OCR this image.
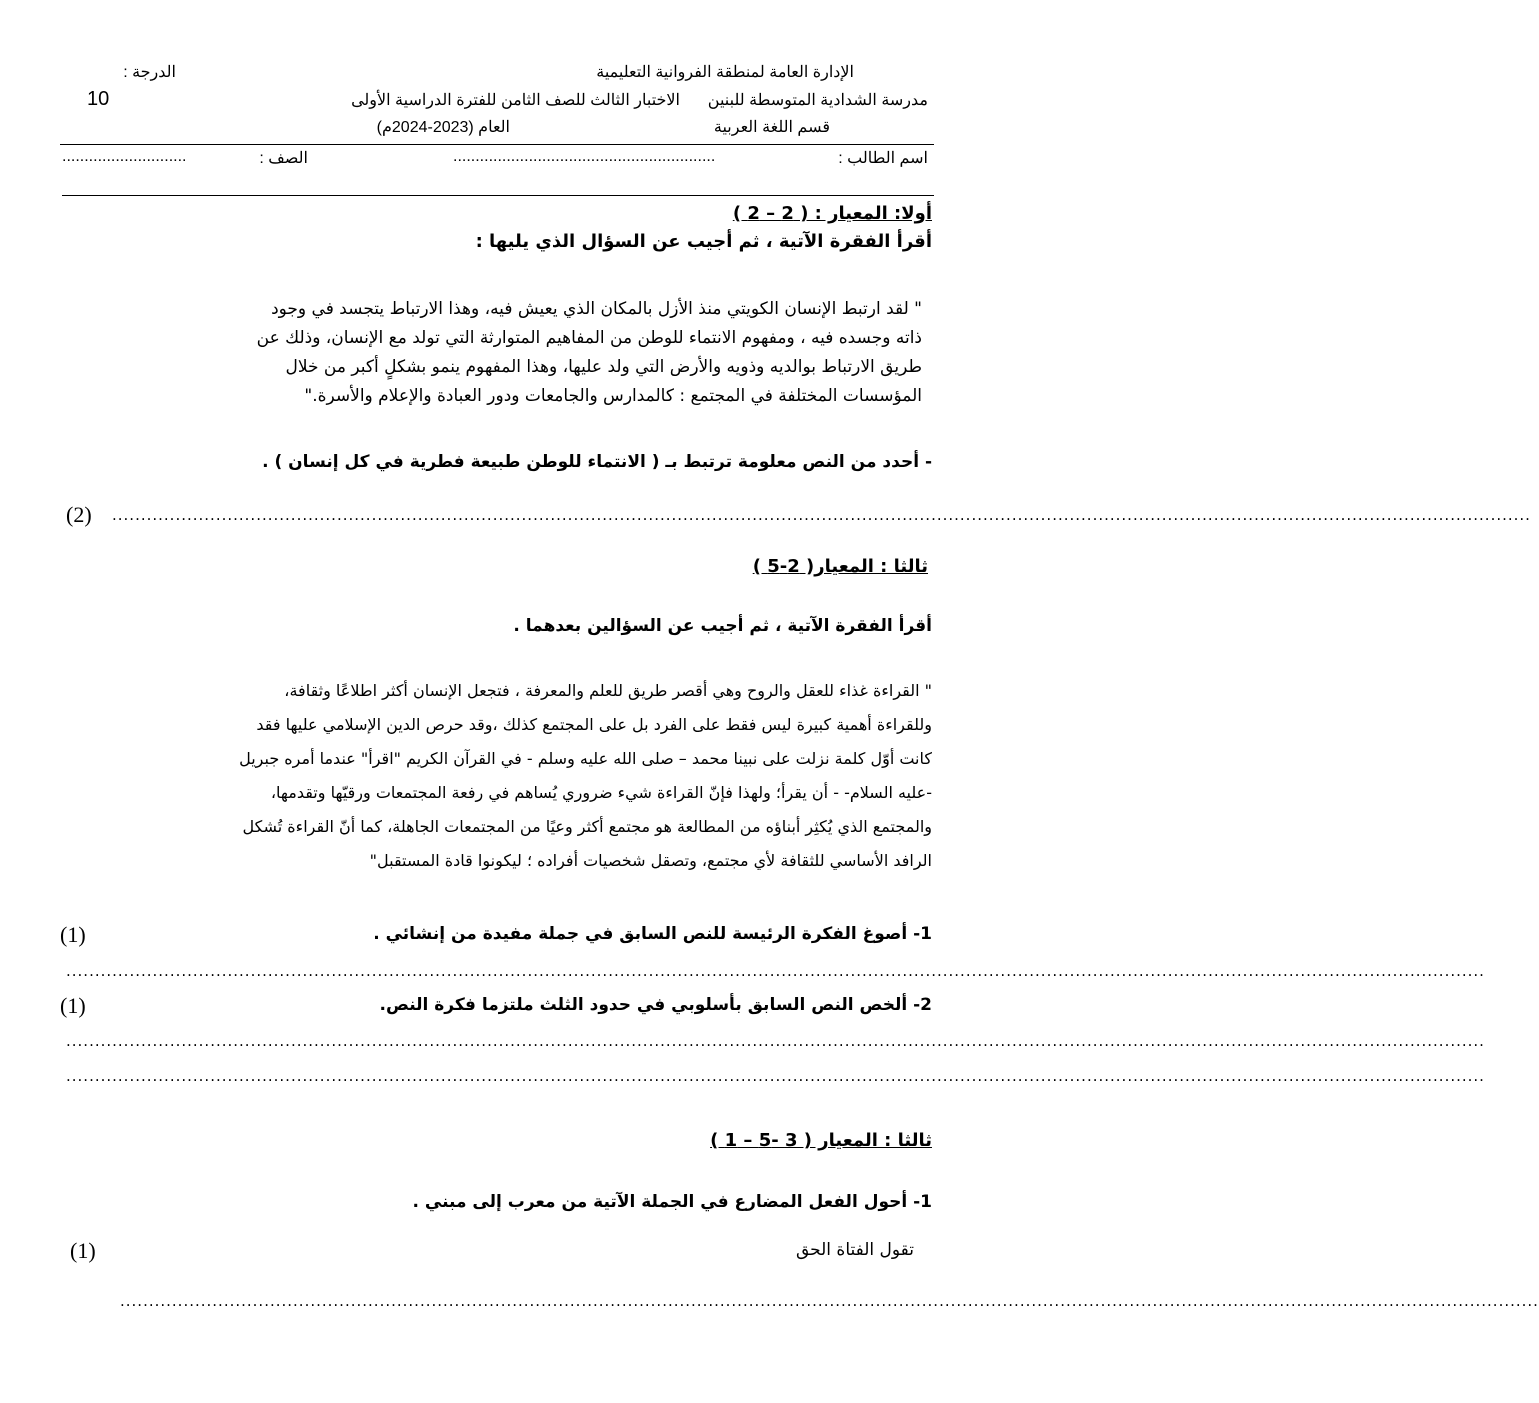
الإدارة العامة لمنطقة الفروانية التعليمية
مدرسة الشدادية المتوسطة للبنين
قسم اللغة العربية
الاختبار الثالث للصف الثامن للفترة الدراسية الأولى
العام (2023-2024م)
الدرجة :
10
اسم الطالب :
...........................................................
الصف :
............................
أولا: المعيار : ( 2 – 2 )
أقرأ الفقرة الآتية ، ثم أجيب عن السؤال الذي يليها :
" لقد ارتبط الإنسان الكويتي منذ الأزل بالمكان الذي يعيش فيه، وهذا الارتباط يتجسد في وجود
ذاته وجسده فيه ، ومفهوم الانتماء للوطن من المفاهيم المتوارثة التي تولد مع الإنسان، وذلك عن
طريق الارتباط بوالديه وذويه والأرض التي ولد عليها، وهذا المفهوم ينمو بشكلٍ أكبر من خلال
المؤسسات المختلفة في المجتمع : كالمدارس والجامعات ودور العبادة والإعلام والأسرة."
- أحدد من النص معلومة ترتبط بـ ( الانتماء للوطن طبيعة فطرية في كل إنسان ) .
......................................................................................................................................................................................................................................................
(2)
ثالثا : المعيار( 2-5 )
أقرأ الفقرة الآتية ، ثم أجيب عن السؤالين بعدهما .
" القراءة غذاء للعقل والروح وهي أقصر طريق للعلم والمعرفة ، فتجعل الإنسان أكثر اطلاعًا وثقافة،
وللقراءة أهمية كبيرة ليس فقط على الفرد بل على المجتمع كذلك ،وقد حرص الدين الإسلامي عليها فقد
كانت أوّل كلمة نزلت على نبينا محمد – صلى الله عليه وسلم - في القرآن الكريم "اقرأ" عندما أمره جبريل
-عليه السلام- - أن يقرأ؛ ولهذا فإنّ القراءة شيء ضروري يُساهم في رفعة المجتمعات ورقيّها وتقدمها،
والمجتمع الذي يُكثِر أبناؤه من المطالعة هو مجتمع أكثر وعيًا من المجتمعات الجاهلة، كما أنّ القراءة تُشكل
الرافد الأساسي للثقافة لأي مجتمع، وتصقل شخصيات أفراده ؛ ليكونوا قادة المستقبل"
1- أصوغ الفكرة الرئيسة للنص السابق في جملة مفيدة من إنشائي .
(1)
......................................................................................................................................................................................................................................................
2- ألخص النص السابق بأسلوبي في حدود الثلث ملتزما فكرة النص.
(1)
......................................................................................................................................................................................................................................................
......................................................................................................................................................................................................................................................
ثالثا : المعيار ( 3 -5 – 1 )
1- أحول الفعل المضارع في الجملة الآتية من معرب إلى مبني .
تقول الفتاة الحق
(1)
......................................................................................................................................................................................................................................................
